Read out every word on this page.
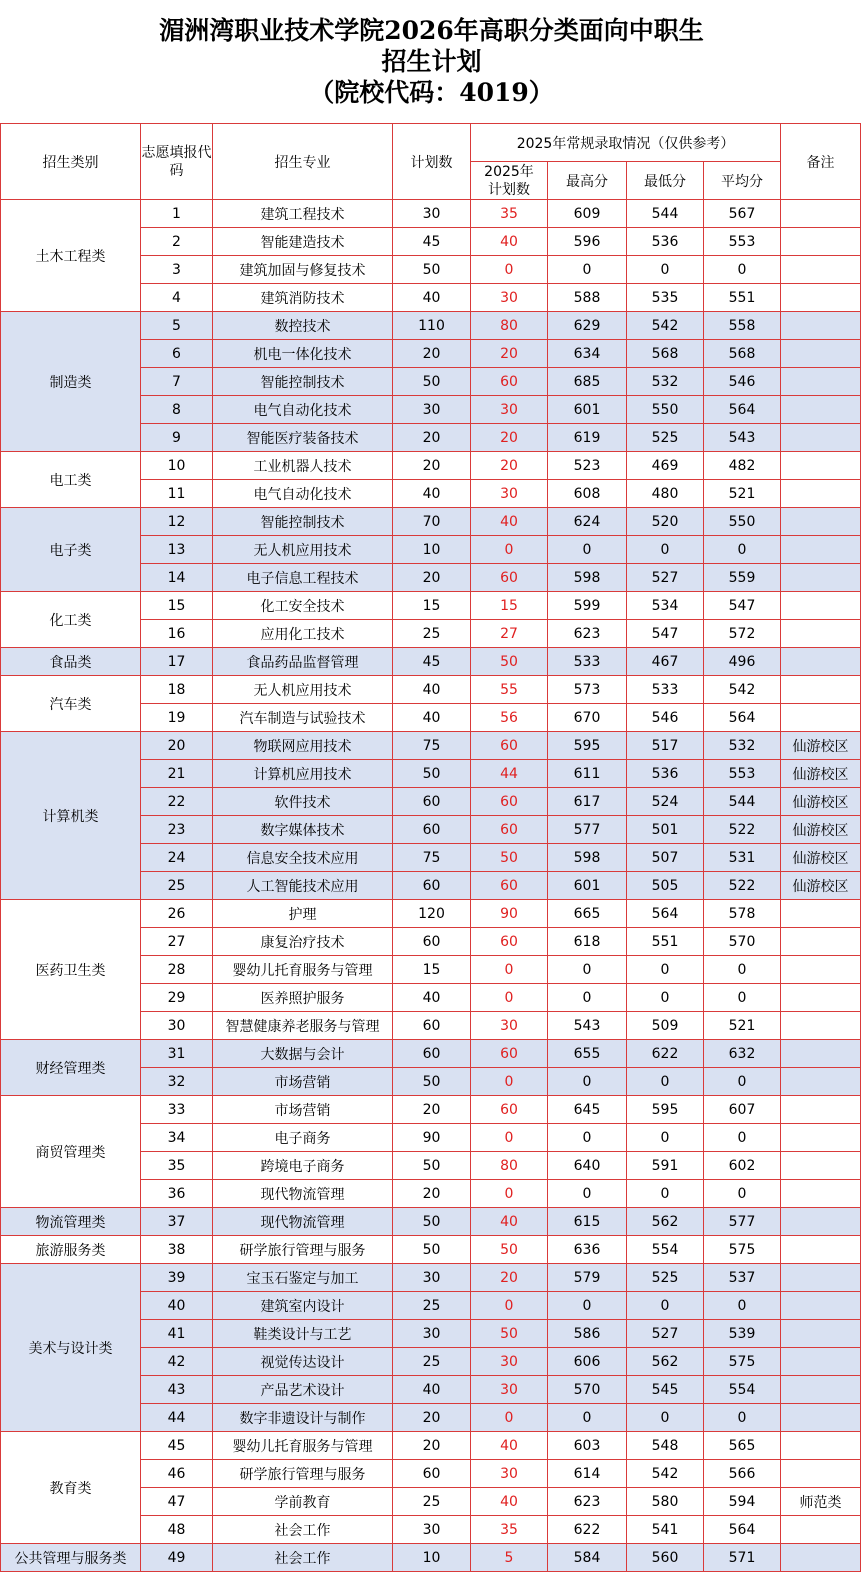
湄洲湾职业技术学院2026年高职分类面向中职生
招生计划
（院校代码：4019）
招生类别	志愿填报代码	招生专业	计划数	2025年常规录取情况（仅供参考）				备注
				2025年计划数	最高分	最低分	平均分	
土木工程类	1	建筑工程技术	30	35	609	544	567	
	2	智能建造技术	45	40	596	536	553	
	3	建筑加固与修复技术	50	0	0	0	0	
	4	建筑消防技术	40	30	588	535	551	
制造类	5	数控技术	110	80	629	542	558	
	6	机电一体化技术	20	20	634	568	568	
	7	智能控制技术	50	60	685	532	546	
	8	电气自动化技术	30	30	601	550	564	
	9	智能医疗装备技术	20	20	619	525	543	
电工类	10	工业机器人技术	20	20	523	469	482	
	11	电气自动化技术	40	30	608	480	521	
电子类	12	智能控制技术	70	40	624	520	550	
	13	无人机应用技术	10	0	0	0	0	
	14	电子信息工程技术	20	60	598	527	559	
化工类	15	化工安全技术	15	15	599	534	547	
	16	应用化工技术	25	27	623	547	572	
食品类	17	食品药品监督管理	45	50	533	467	496	
汽车类	18	无人机应用技术	40	55	573	533	542	
	19	汽车制造与试验技术	40	56	670	546	564	
计算机类	20	物联网应用技术	75	60	595	517	532	仙游校区
	21	计算机应用技术	50	44	611	536	553	仙游校区
	22	软件技术	60	60	617	524	544	仙游校区
	23	数字媒体技术	60	60	577	501	522	仙游校区
	24	信息安全技术应用	75	50	598	507	531	仙游校区
	25	人工智能技术应用	60	60	601	505	522	仙游校区
医药卫生类	26	护理	120	90	665	564	578	
	27	康复治疗技术	60	60	618	551	570	
	28	婴幼儿托育服务与管理	15	0	0	0	0	
	29	医养照护服务	40	0	0	0	0	
	30	智慧健康养老服务与管理	60	30	543	509	521	
财经管理类	31	大数据与会计	60	60	655	622	632	
	32	市场营销	50	0	0	0	0	
商贸管理类	33	市场营销	20	60	645	595	607	
	34	电子商务	90	0	0	0	0	
	35	跨境电子商务	50	80	640	591	602	
	36	现代物流管理	20	0	0	0	0	
物流管理类	37	现代物流管理	50	40	615	562	577	
旅游服务类	38	研学旅行管理与服务	50	50	636	554	575	
美术与设计类	39	宝玉石鉴定与加工	30	20	579	525	537	
	40	建筑室内设计	25	0	0	0	0	
	41	鞋类设计与工艺	30	50	586	527	539	
	42	视觉传达设计	25	30	606	562	575	
	43	产品艺术设计	40	30	570	545	554	
	44	数字非遗设计与制作	20	0	0	0	0	
教育类	45	婴幼儿托育服务与管理	20	40	603	548	565	
	46	研学旅行管理与服务	60	30	614	542	566	
	47	学前教育	25	40	623	580	594	师范类
	48	社会工作	30	35	622	541	564	
公共管理与服务类	49	社会工作	10	5	584	560	571	
